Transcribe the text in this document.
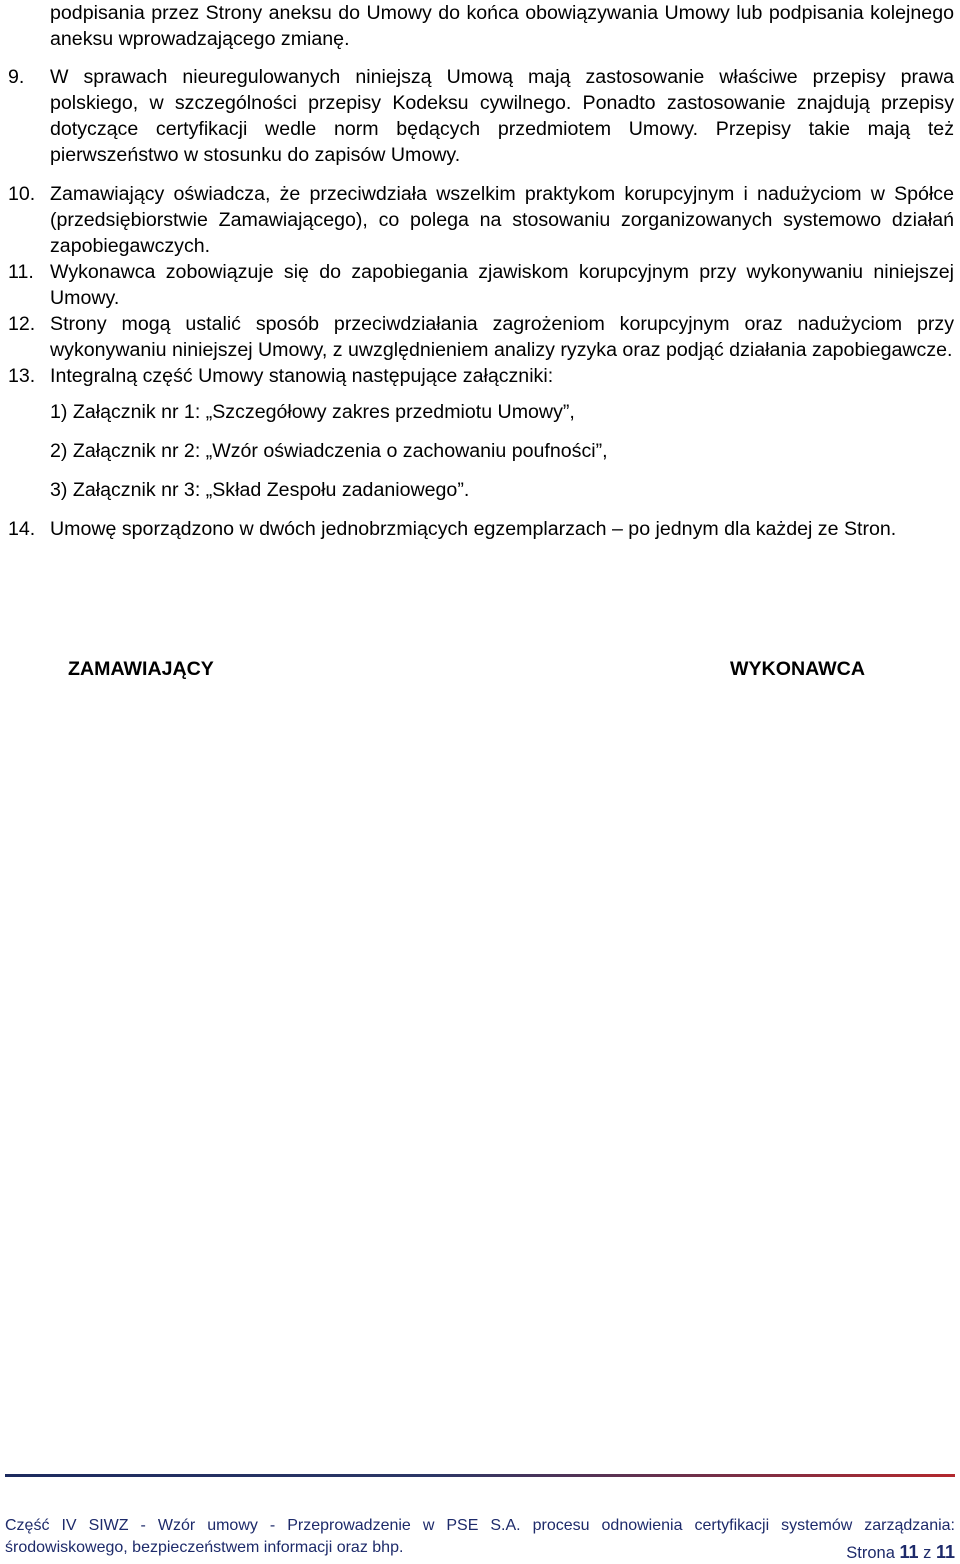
podpisania przez Strony aneksu do Umowy do końca obowiązywania Umowy lub podpisania kolejnego aneksu wprowadzającego zmianę.
9. W sprawach nieuregulowanych niniejszą Umową mają zastosowanie właściwe przepisy prawa polskiego, w szczególności przepisy Kodeksu cywilnego. Ponadto zastosowanie znajdują przepisy dotyczące certyfikacji wedle norm będących przedmiotem Umowy. Przepisy takie mają też pierwszeństwo w stosunku do zapisów Umowy.
10. Zamawiający oświadcza, że przeciwdziała wszelkim praktykom korupcyjnym i nadużyciom w Spółce (przedsiębiorstwie Zamawiającego), co polega na stosowaniu zorganizowanych systemowo działań zapobiegawczych.
11. Wykonawca zobowiązuje się do zapobiegania zjawiskom korupcyjnym przy wykonywaniu niniejszej Umowy.
12. Strony mogą ustalić sposób przeciwdziałania zagrożeniom korupcyjnym oraz nadużyciom przy wykonywaniu niniejszej Umowy, z uwzględnieniem analizy ryzyka oraz podjąć działania zapobiegawcze.
13. Integralną część Umowy stanowią następujące załączniki:
1) Załącznik nr 1: „Szczegółowy zakres przedmiotu Umowy”,
2) Załącznik nr 2: „Wzór oświadczenia o zachowaniu poufności”,
3) Załącznik nr 3: „Skład Zespołu zadaniowego”.
14. Umowę sporządzono w dwóch jednobrzmiących egzemplarzach – po jednym dla każdej ze Stron.
ZAMAWIAJĄCY	WYKONAWCA
Część IV SIWZ - Wzór umowy - Przeprowadzenie w PSE S.A. procesu odnowienia certyfikacji systemów zarządzania:
środowiskowego, bezpieczeństwem informacji oraz bhp.	Strona 11 z 11
